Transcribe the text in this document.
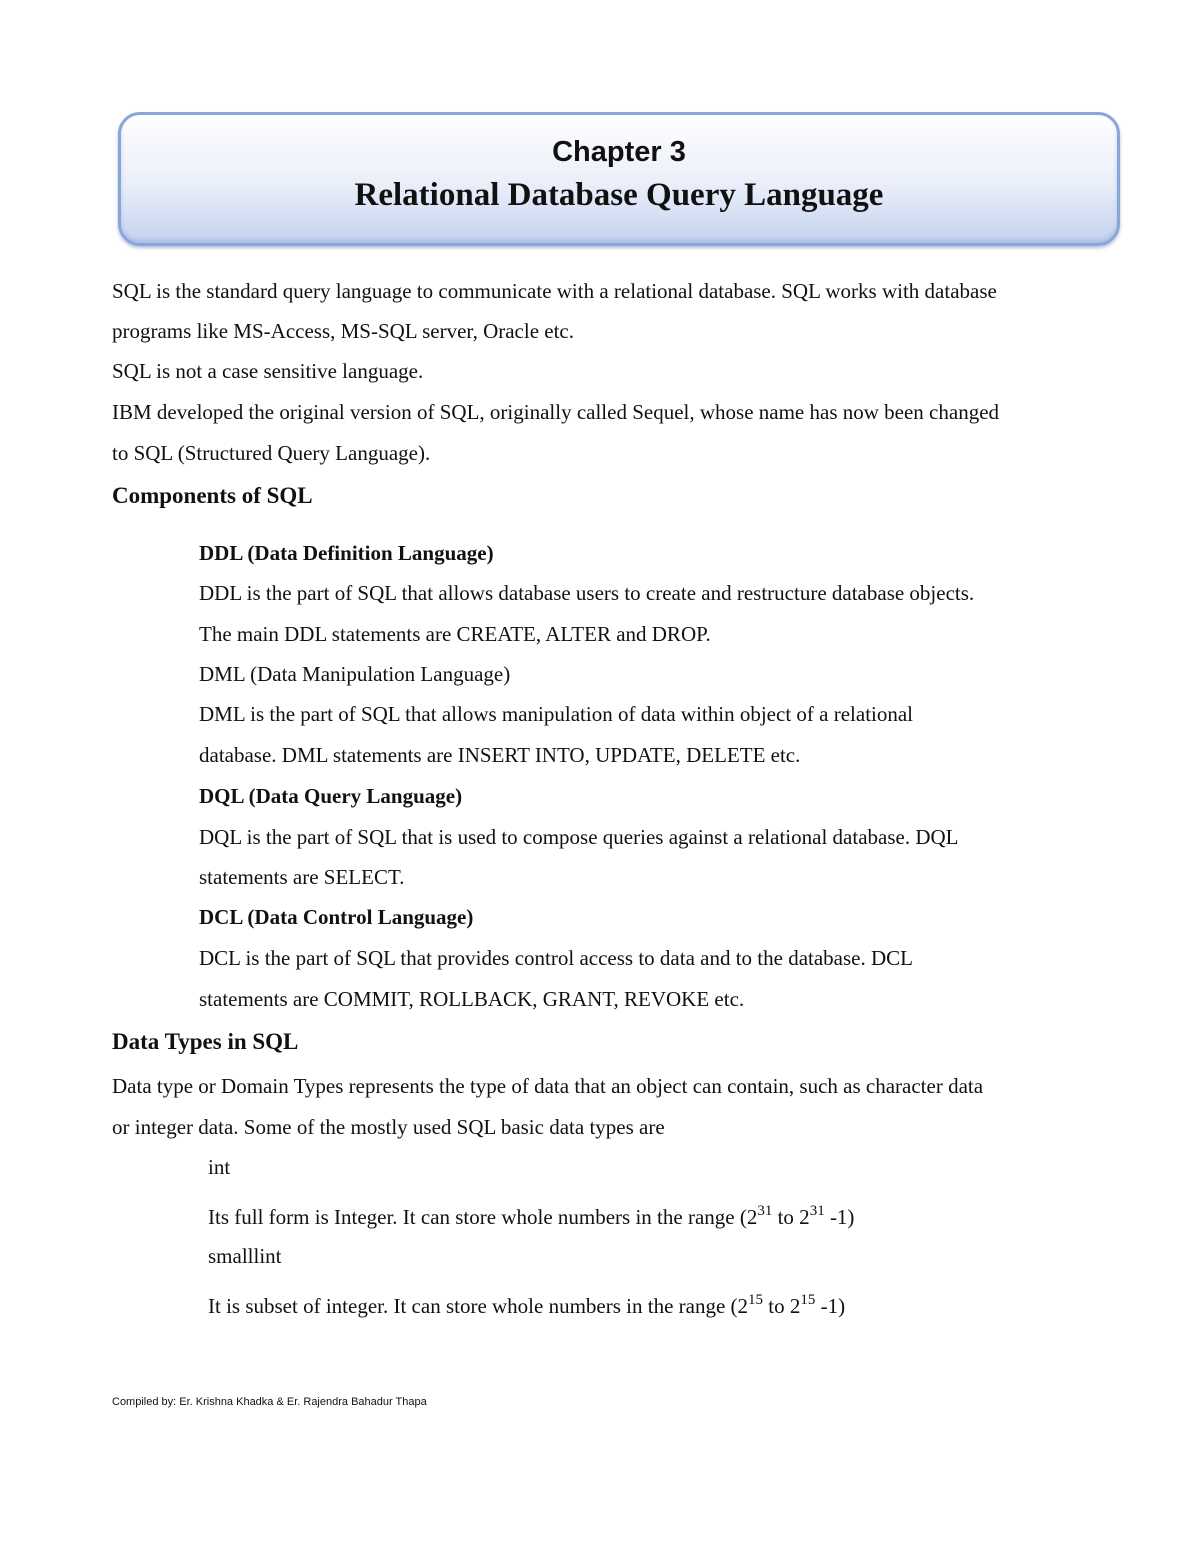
Chapter 3
Relational Database Query Language
SQL is the standard query language to communicate with a relational database. SQL works with database
programs like MS-Access, MS-SQL server, Oracle etc.
SQL is not a case sensitive language.
IBM developed the original version of SQL, originally called Sequel, whose name has now been changed
to SQL (Structured Query Language).
Components of SQL
DDL (Data Definition Language)
DDL is the part of SQL that allows database users to create and restructure database objects.
The main DDL statements are CREATE, ALTER and DROP.
DML (Data Manipulation Language)
DML is the part of SQL that allows manipulation of data within object of a relational
database. DML statements are INSERT INTO, UPDATE, DELETE etc.
DQL (Data Query Language)
DQL is the part of SQL that is used to compose queries against a relational database. DQL
statements are SELECT.
DCL (Data Control Language)
DCL is the part of SQL that provides control access to data and to the database. DCL
statements are COMMIT, ROLLBACK, GRANT, REVOKE etc.
Data Types in SQL
Data type or Domain Types represents the type of data that an object can contain, such as character data
or integer data. Some of the mostly used SQL basic data types are
int
Its full form is Integer. It can store whole numbers in the range ($2^{31}$ to $2^{31}$ -1)
smalllint
It is subset of integer. It can store whole numbers in the range ($2^{15}$ to $2^{15}$ -1)
Compiled by: Er. Krishna Khadka & Er. Rajendra Bahadur Thapa
